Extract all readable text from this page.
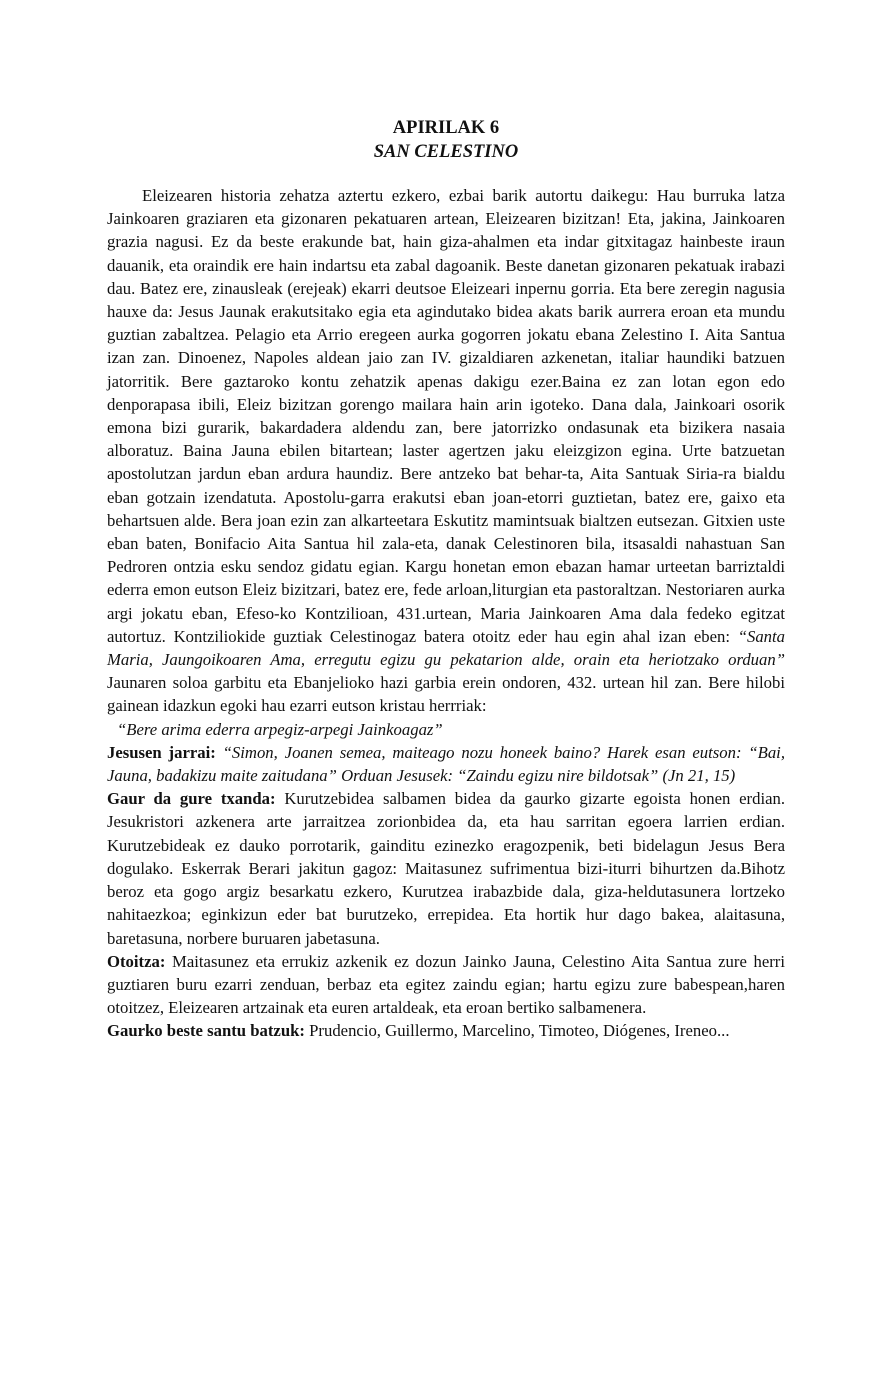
APIRILAK 6
SAN CELESTINO

Eleizearen historia zehatza aztertu ezkero, ezbai barik autortu daikegu: Hau burruka latza Jainkoaren graziaren eta gizonaren pekatuaren artean, Eleizearen bizitzan! Eta, jakina, Jainkoaren grazia nagusi. Ez da beste erakunde bat, hain giza-ahalmen eta indar gitxitagaz hainbeste iraun dauanik, eta oraindik ere hain indartsu eta zabal dagoanik. Beste danetan gizonaren pekatuak irabazi dau. Batez ere, zinausleak (erejeak) ekarri deutsoe Eleizeari inpernu gorria. Eta bere zeregin nagusia hauxe da: Jesus Jaunak erakutsitako egia eta agindutako bidea akats barik aurrera eroan eta mundu guztian zabaltzea. Pelagio eta Arrio eregeen aurka gogorren jokatu ebana Zelestino I. Aita Santua izan zan. Dinoenez, Napoles aldean jaio zan IV. gizaldiaren azkenetan, italiar haundiki batzuen jatorritik. Bere gaztaroko kontu zehatzik apenas dakigu ezer.Baina ez zan lotan egon edo denporapasa ibili, Eleiz bizitzan gorengo mailara hain arin igoteko. Dana dala, Jainkoari osorik emona bizi gurarik, bakardadera aldendu zan, bere jatorrizko ondasunak eta bizikera nasaia alboratuz. Baina Jauna ebilen bitartean; laster agertzen jaku eleizgizon egina. Urte batzuetan apostolutzan jardun eban ardura haundiz. Bere antzeko bat behar-ta, Aita Santuak Siria-ra bialdu eban gotzain izendatuta. Apostolu-garra erakutsi eban joan-etorri guztietan, batez ere, gaixo eta behartsuen alde. Bera joan ezin zan alkarteetara Eskutitz mamintsuak bialtzen eutsezan. Gitxien uste eban baten, Bonifacio Aita Santua hil zala-eta, danak Celestinoren bila, itsasaldi nahastuan San Pedroren ontzia esku sendoz gidatu egian. Kargu honetan emon ebazan hamar urteetan barriztaldi ederra emon eutson Eleiz bizitzari, batez ere, fede arloan,liturgian eta pastoraltzan. Nestoriaren aurka argi jokatu eban, Efeso-ko Kontzilioan, 431.urtean, Maria Jainkoaren Ama dala fedeko egitzat autortuz. Kontziliokide guztiak Celestinogaz batera otoitz eder hau egin ahal izan eben: “Santa Maria, Jaungoikoaren Ama, erregutu egizu gu pekatarion alde, orain eta heriotzako orduan” Jaunaren soloa garbitu eta Ebanjelioko hazi garbia erein ondoren, 432. urtean hil zan. Bere hilobi gainean idazkun egoki hau ezarri eutson kristau herrriak:

“Bere arima ederra arpegiz-arpegi Jainkoagaz”

Jesusen jarrai: “Simon, Joanen semea, maiteago nozu honeek baino? Harek esan eutson: “Bai, Jauna, badakizu maite zaitudana” Orduan Jesusek: “Zaindu egizu nire bildotsak” (Jn 21, 15)

Gaur da gure txanda: Kurutzebidea salbamen bidea da gaurko gizarte egoista honen erdian. Jesukristori azkenera arte jarraitzea zorionbidea da, eta hau sarritan egoera larrien erdian. Kurutzebideak ez dauko porrotarik, gainditu ezinezko eragozpenik, beti bidelagun Jesus Bera dogulako. Eskerrak Berari jakitun gagoz: Maitasunez sufrimentua bizi-iturri bihurtzen da.Bihotz beroz eta gogo argiz besarkatu ezkero, Kurutzea irabazbide dala, giza-heldutasunera lortzeko nahitaezkoa; eginkizun eder bat burutzeko, errepidea. Eta hortik hur dago bakea, alaitasuna, baretasuna, norbere buruaren jabetasuna.

Otoitza: Maitasunez eta errukiz azkenik ez dozun Jainko Jauna, Celestino Aita Santua zure herri guztiaren buru ezarri zenduan, berbaz eta egitez zaindu egian; hartu egizu zure babespean,haren otoitzez, Eleizearen artzainak eta euren artaldeak, eta eroan bertiko salbamenera.

Gaurko beste santu batzuk: Prudencio, Guillermo, Marcelino, Timoteo, Diógenes, Ireneo...
